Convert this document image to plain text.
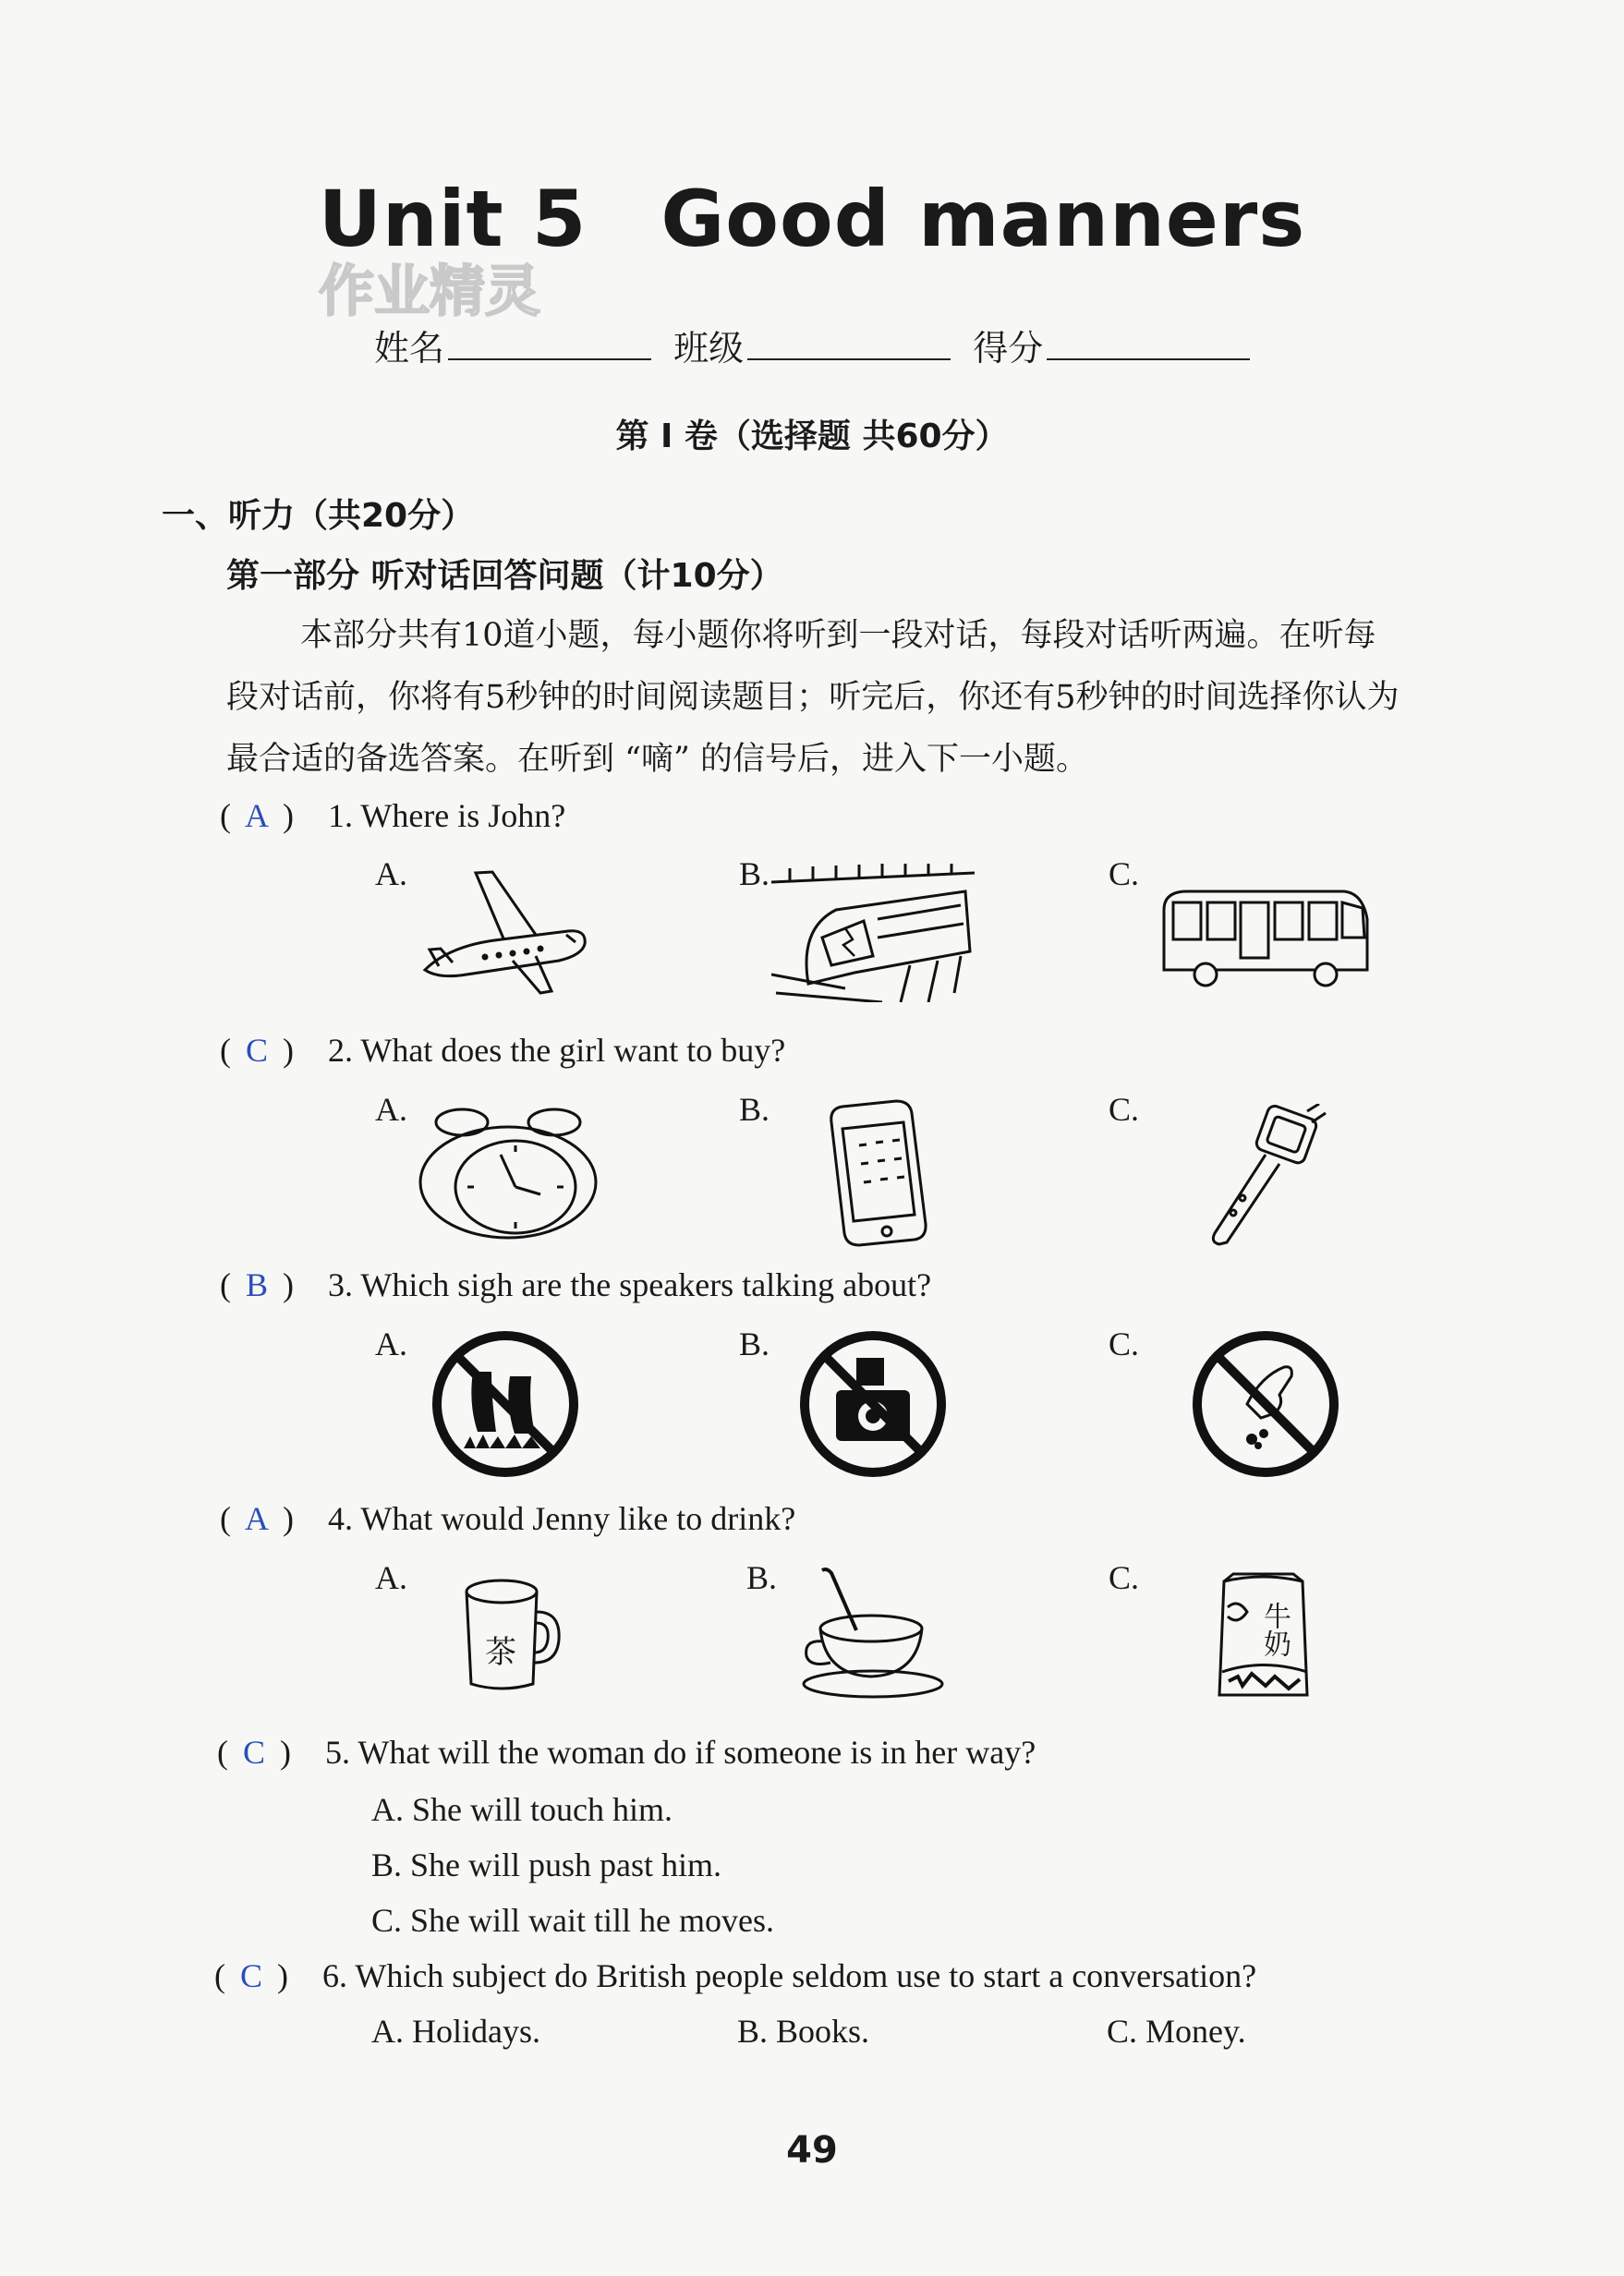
Unit 5 Good manners
作业精灵
姓名	班级	得分
第 I 卷（选择题 共60分）
一、听力（共20分）
第一部分 听对话回答问题（计10分）
本部分共有10道小题，每小题你将听到一段对话，每段对话听两遍。在听每
段对话前，你将有5秒钟的时间阅读题目；听完后，你还有5秒钟的时间选择你认为
最合适的备选答案。在听到 “嘀” 的信号后，进入下一小题。
( A ) 1. Where is John?
A.	B.	C.
( C ) 2. What does the girl want to buy?
A.	B.	C.
( B ) 3. Which sigh are the speakers talking about?
A.	B.	C.
( A ) 4. What would Jenny like to drink?
A.	B.	C.
茶	牛奶
( C ) 5. What will the woman do if someone is in her way?
A. She will touch him.
B. She will push past him.
C. She will wait till he moves.
( C ) 6. Which subject do British people seldom use to start a conversation?
A. Holidays.	B. Books.	C. Money.
49
